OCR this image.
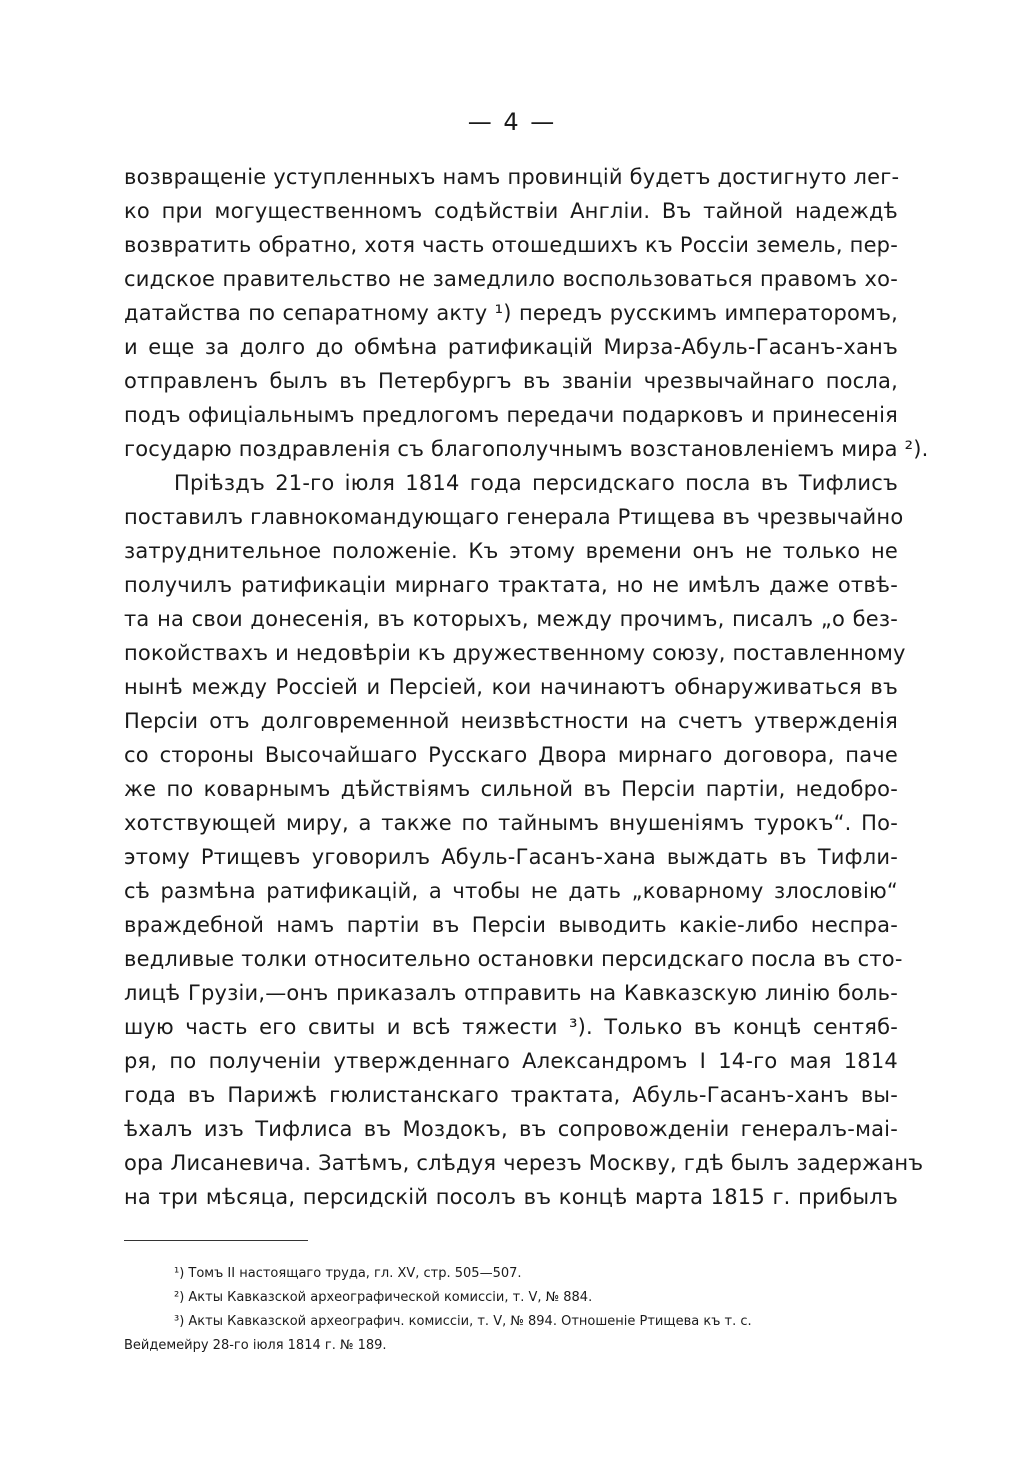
— 4 —
возвращеніе уступленныхъ намъ провинцій будетъ достигнуто лег-
ко при могущественномъ содѣйствіи Англіи. Въ тайной надеждѣ
возвратить обратно, хотя часть отошедшихъ къ Россіи земель, пер-
сидское правительство не замедлило воспользоваться правомъ хо-
датайства по сепаратному акту ¹) передъ русскимъ императоромъ,
и еще за долго до обмѣна ратификацій Мирза-Абуль-Гасанъ-ханъ
отправленъ былъ въ Петербургъ въ званіи чрезвычайнаго посла,
подъ офиціальнымъ предлогомъ передачи подарковъ и принесенія
государю поздравленія съ благополучнымъ возстановленіемъ мира ²).
Пріѣздъ 21-го іюля 1814 года персидскаго посла въ Тифлисъ
поставилъ главнокомандующаго генерала Ртищева въ чрезвычайно
затруднительное положеніе. Къ этому времени онъ не только не
получилъ ратификаціи мирнаго трактата, но не имѣлъ даже отвѣ-
та на свои донесенія, въ которыхъ, между прочимъ, писалъ „о без-
покойствахъ и недовѣріи къ дружественному союзу, поставленному
нынѣ между Россіей и Персіей, кои начинаютъ обнаруживаться въ
Персіи отъ долговременной неизвѣстности на счетъ утвержденія
со стороны Высочайшаго Русскаго Двора мирнаго договора, паче
же по коварнымъ дѣйствіямъ сильной въ Персіи партіи, недобро-
хотствующей миру, а также по тайнымъ внушеніямъ турокъ“. По-
этому Ртищевъ уговорилъ Абуль-Гасанъ-хана выждать въ Тифли-
сѣ размѣна ратификацій, а чтобы не дать „коварному злословію“
враждебной намъ партіи въ Персіи выводить какіе-либо неспра-
ведливые толки относительно остановки персидскаго посла въ сто-
лицѣ Грузіи,—онъ приказалъ отправить на Кавказскую линію боль-
шую часть его свиты и всѣ тяжести ³). Только въ концѣ сентяб-
ря, по полученіи утвержденнаго Александромъ I 14-го мая 1814
года въ Парижѣ гюлистанскаго трактата, Абуль-Гасанъ-ханъ вы-
ѣхалъ изъ Тифлиса въ Моздокъ, въ сопровожденіи генералъ-маі-
ора Лисаневича. Затѣмъ, слѣдуя черезъ Москву, гдѣ былъ задержанъ
на три мѣсяца, персидскій посолъ въ концѣ марта 1815 г. прибылъ
¹) Томъ II настоящаго труда, гл. XV, стр. 505—507.
²) Акты Кавказской археографической комиссіи, т. V, № 884.
³) Акты Кавказской археографич. комиссіи, т. V, № 894. Отношеніе Ртищева къ т. с.
Вейдемейру 28-го іюля 1814 г. № 189.
